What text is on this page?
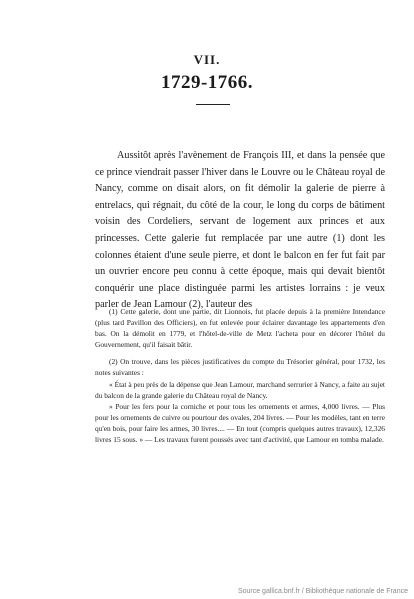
VII.
1729-1766.

Aussitôt après l'avènement de François III, et dans la pensée que ce prince viendrait passer l'hiver dans le Louvre ou le Château royal de Nancy, comme on disait alors, on fit démolir la galerie de pierre à entrelacs, qui régnait, du côté de la cour, le long du corps de bâtiment voisin des Cordeliers, servant de logement aux princes et aux princesses. Cette galerie fut remplacée par une autre (1) dont les colonnes étaient d'une seule pierre, et dont le balcon en fer fut fait par un ouvrier encore peu connu à cette époque, mais qui devait bientôt conquérir une place distinguée parmi les artistes lorrains : je veux parler de Jean Lamour (2), l'auteur des

(1) Cette galerie, dont une partie, dit Lionnois, fut placée depuis à la première Intendance (plus tard Pavillon des Officiers), en fut enlevée pour éclairer davantage les appartements d'en bas. On la démolit en 1779, et l'hôtel-de-ville de Metz l'acheta pour en décorer l'hôtel du Gouvernement, qu'il faisait bâtir.

(2) On trouve, dans les pièces justificatives du compte du Trésorier général, pour 1732, les notes suivantes :

« État à peu près de la dépense que Jean Lamour, marchand serrurier à Nancy, a faite au sujet du balcon de la grande galerie du Château royal de Nancy.

» Pour les fers pour la corniche et pour tous les ornements et armes, 4,000 livres. — Plus pour les ornements de cuivre ou pourtour des ovales, 204 livres. — Pour les modèles, tant en terre qu'en bois, pour faire les armes, 30 livres.... — En tout (compris quelques autres travaux), 12,326 livres 15 sous. » — Les travaux furent poussés avec tant d'activité, que Lamour en tomba malade.

Source gallica.bnf.fr / Bibliothèque nationale de France
